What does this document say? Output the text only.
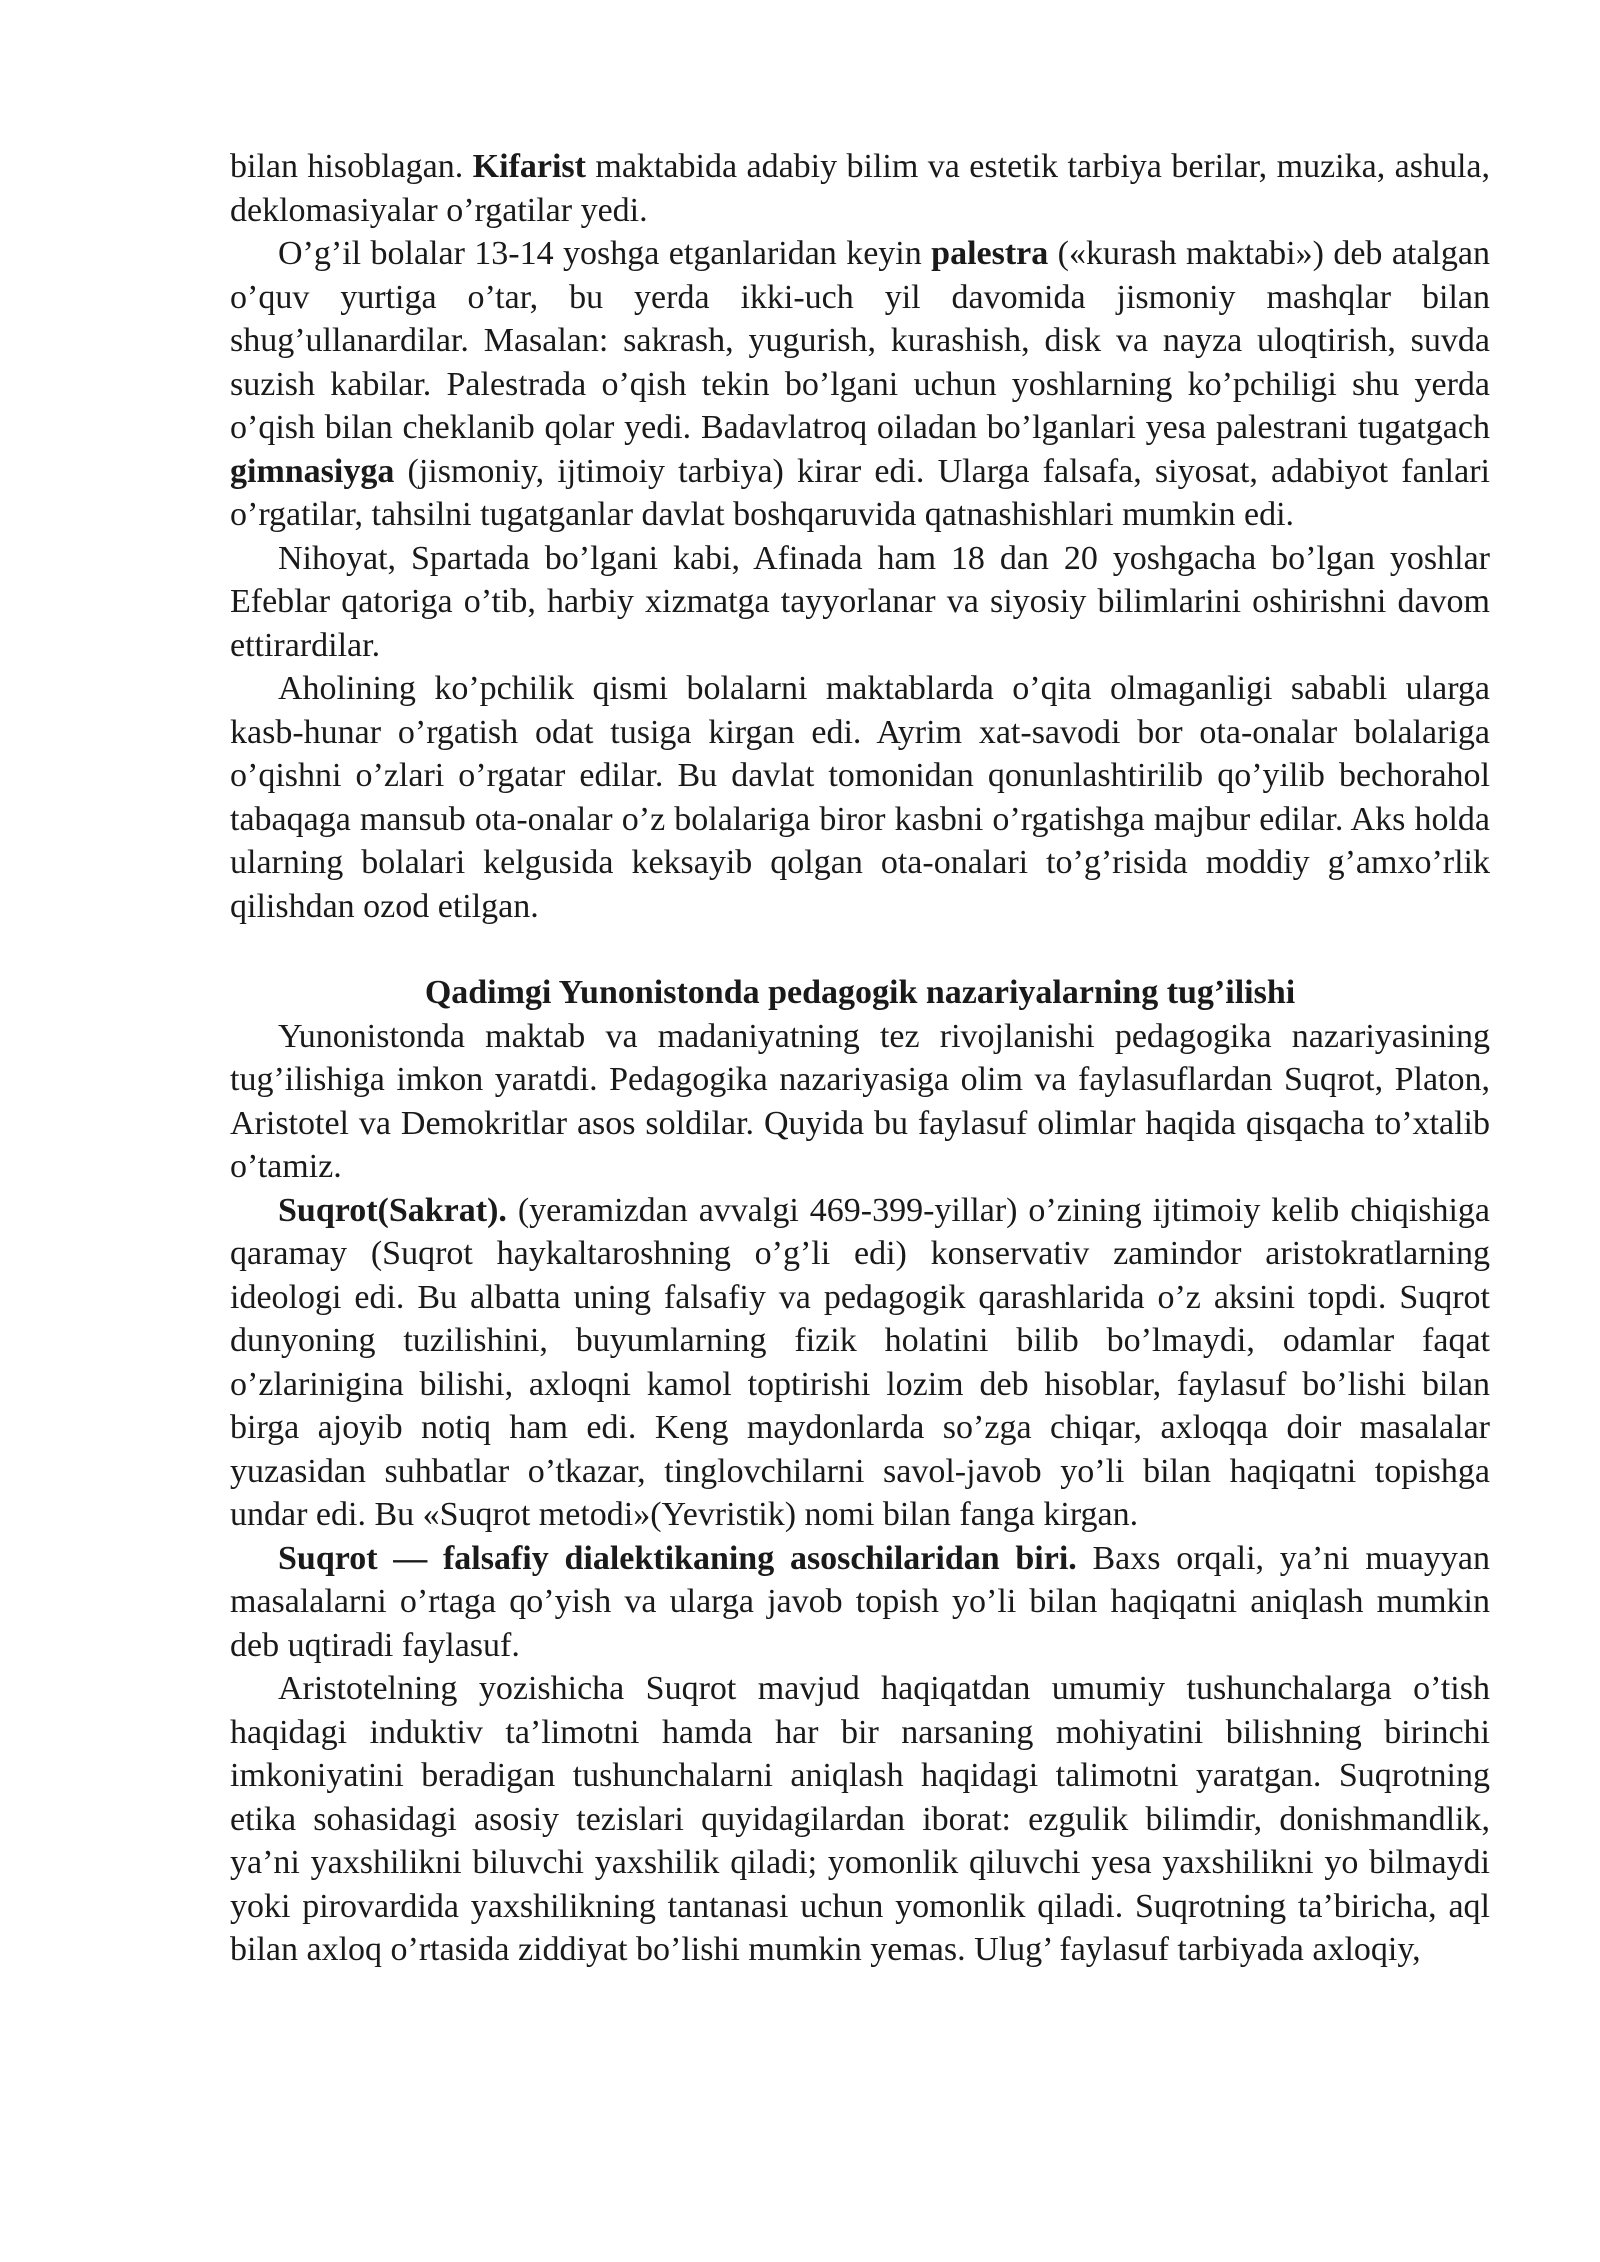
bilan hisoblagan. Kifarist maktabida adabiy bilim va estetik tarbiya berilar, muzika, ashula, deklomasiyalar o’rgatilar yedi.

O’g’il bolalar 13-14 yoshga etganlaridan keyin palestra («kurash maktabi») deb atalgan o’quv yurtiga o’tar, bu yerda ikki-uch yil davomida jismoniy mashqlar bilan shug’ullanardilar. Masalan: sakrash, yugurish, kurashish, disk va nayza uloqtirish, suvda suzish kabilar. Palestrada o’qish tekin bo’lgani uchun yoshlarning ko’pchiligi shu yerda o’qish bilan cheklanib qolar yedi. Badavlatroq oiladan bo’lganlari yesa palestrani tugatgach gimnasiyga (jismoniy, ijtimoiy tarbiya) kirar edi. Ularga falsafa, siyosat, adabiyot fanlari o’rgatilar, tahsilni tugatganlar davlat boshqaruvida qatnashishlari mumkin edi.

Nihoyat, Spartada bo’lgani kabi, Afinada ham 18 dan 20 yoshgacha bo’lgan yoshlar Efeblar qatoriga o’tib, harbiy xizmatga tayyorlanar va siyosiy bilimlarini oshirishni davom ettirardilar.

Aholining ko’pchilik qismi bolalarni maktablarda o’qita olmaganligi sababli ularga kasb-hunar o’rgatish odat tusiga kirgan edi. Ayrim xat-savodi bor ota-onalar bolalariga o’qishni o’zlari o’rgatar edilar. Bu davlat tomonidan qonunlashtirilib qo’yilib bechorahol tabaqaga mansub ota-onalar o’z bolalariga biror kasbni o’rgatishga majbur edilar. Aks holda ularning bolalari kelgusida keksayib qolgan ota-onalari to’g’risida moddiy g’amxo’rlik qilishdan ozod etilgan.

Qadimgi Yunonistonda pedagogik nazariyalarning tug’ilishi

Yunonistonda maktab va madaniyatning tez rivojlanishi pedagogika nazariyasining tug’ilishiga imkon yaratdi. Pedagogika nazariyasiga olim va faylasuflardan Suqrot, Platon, Aristotel va Demokritlar asos soldilar. Quyida bu faylasuf olimlar haqida qisqacha to’xtalib o’tamiz.

Suqrot(Sakrat). (yeramizdan avvalgi 469-399-yillar) o’zining ijtimoiy kelib chiqishiga qaramay (Suqrot haykaltaroshning o’g’li edi) konservativ zamindor aristokratlarning ideologi edi. Bu albatta uning falsafiy va pedagogik qarashlarida o’z aksini topdi. Suqrot dunyoning tuzilishini, buyumlarning fizik holatini bilib bo’lmaydi, odamlar faqat o’zlarinigina bilishi, axloqni kamol toptirishi lozim deb hisoblar, faylasuf bo’lishi bilan birga ajoyib notiq ham edi. Keng maydonlarda so’zga chiqar, axloqqa doir masalalar yuzasidan suhbatlar o’tkazar, tinglovchilarni savol-javob yo’li bilan haqiqatni topishga undar edi. Bu «Suqrot metodi»(Yevristik) nomi bilan fanga kirgan.

Suqrot — falsafiy dialektikaning asoschilaridan biri. Baxs orqali, ya’ni muayyan masalalarni o’rtaga qo’yish va ularga javob topish yo’li bilan haqiqatni aniqlash mumkin deb uqtiradi faylasuf.

Aristotelning yozishicha Suqrot mavjud haqiqatdan umumiy tushunchalarga o’tish haqidagi induktiv ta’limotni hamda har bir narsaning mohiyatini bilishning birinchi imkoniyatini beradigan tushunchalarni aniqlash haqidagi talimotni yaratgan. Suqrotning etika sohasidagi asosiy tezislari quyidagilardan iborat: ezgulik bilimdir, donishmandlik, ya’ni yaxshilikni biluvchi yaxshilik qiladi; yomonlik qiluvchi yesa yaxshilikni yo bilmaydi yoki pirovardida yaxshilikning tantanasi uchun yomonlik qiladi. Suqrotning ta’biricha, aql bilan axloq o’rtasida ziddiyat bo’lishi mumkin yemas. Ulug’ faylasuf tarbiyada axloqiy,
